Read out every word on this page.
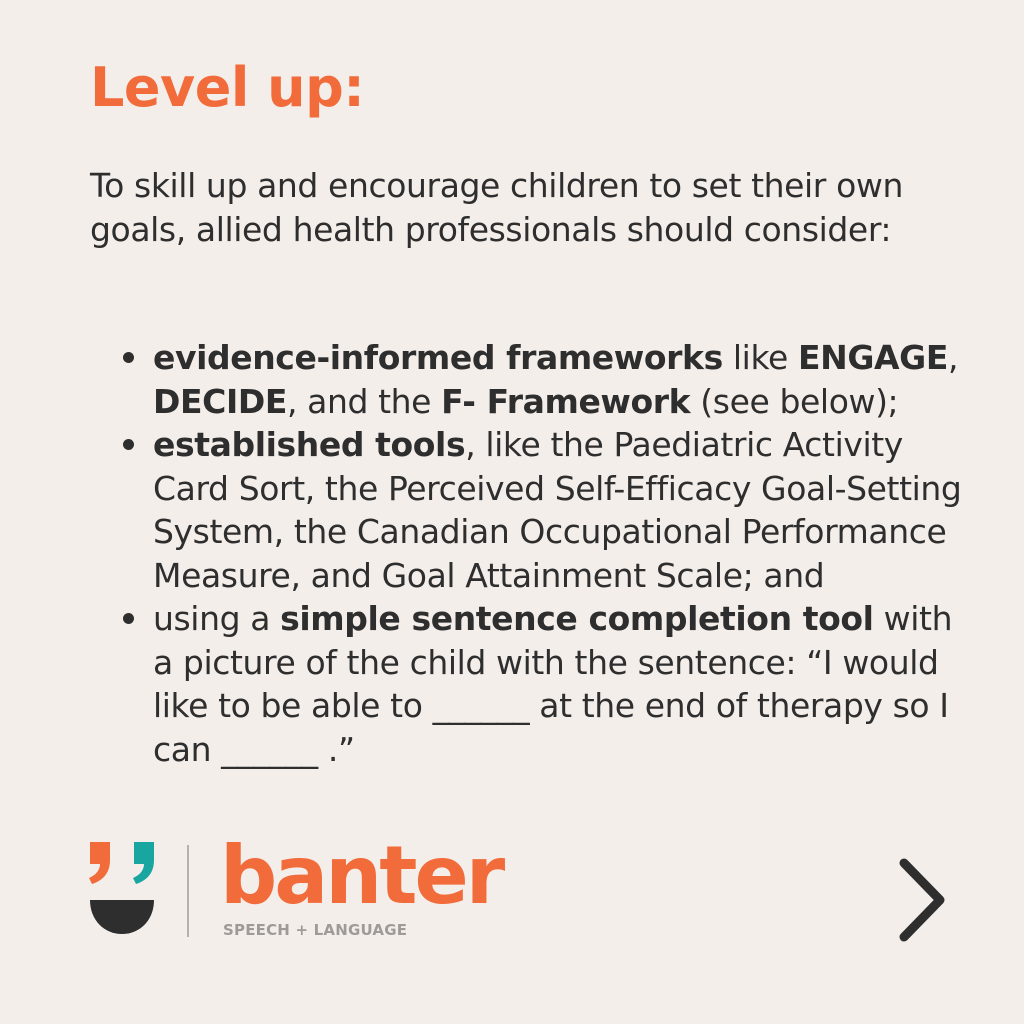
Level up:
To skill up and encourage children to set their own goals, allied health professionals should consider:
evidence-informed frameworks like ENGAGE, DECIDE, and the F- Framework (see below);
established tools, like the Paediatric Activity Card Sort, the Perceived Self-Efficacy Goal-Setting System, the Canadian Occupational Performance Measure, and Goal Attainment Scale; and
using a simple sentence completion tool with a picture of the child with the sentence: “I would like to be able to ______ at the end of therapy so I can ______ .”
banter
SPEECH + LANGUAGE
